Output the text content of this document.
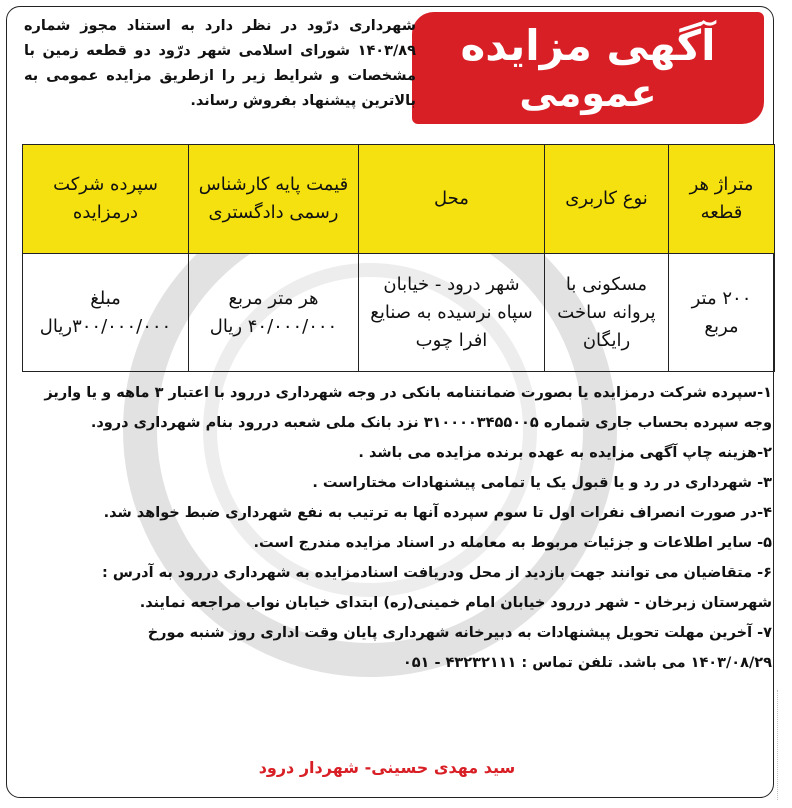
آگهی مزایده
عمومی
شهرداری درّود در نظر دارد به استناد مجوز شماره ۱۴۰۳/۸۹ شورای اسلامی شهر درّود دو قطعه زمین با مشخصات و شرایط زیر را ازطریق مزایده عمومی به بالاترین پیشنهاد بفروش رساند.
متراژ هر قطعه	نوع کاربری	محل	قیمت پایه کارشناس رسمی دادگستری	سپرده شرکت درمزایده
۲۰۰ متر مربع	مسکونی با پروانه ساخت رایگان	شهر درود - خیابان سپاه نرسیده به صنایع افرا چوب	هر متر مربع ۴۰/۰۰۰/۰۰۰ ریال	مبلغ ۳۰۰/۰۰۰/۰۰۰ریال

۱-سپرده شرکت درمزایده یا بصورت ضمانتنامه بانکی در وجه شهرداری دررود با اعتبار ۳ ماهه و یا واریز

وجه سپرده بحساب جاری شماره ۳۱۰۰۰۰۳۴۵۵۰۰۵ نزد بانک ملی شعبه دررود بنام شهرداری درود.

۲-هزینه چاپ آگهی مزایده به عهده برنده مزایده می باشد .

۳- شهرداری در رد و یا قبول یک یا تمامی پیشنهادات مختاراست .

۴-در صورت انصراف نفرات اول تا سوم سپرده آنها به ترتیب به نفع شهرداری ضبط خواهد شد.

۵- سایر اطلاعات و جزئیات مربوط به معامله در اسناد مزایده مندرج است.

۶- متقاضیان می توانند جهت بازدید از محل ودریافت اسنادمزایده به شهرداری دررود به آدرس :

شهرستان زبرخان - شهر دررود خیابان امام خمینی(ره) ابتدای خیابان نواب مراجعه نمایند.

۷- آخرین مهلت تحویل پیشنهادات به دبیرخانه شهرداری پایان وقت اداری روز شنبه مورخ

۱۴۰۳/۰۸/۲۹ می باشد. تلفن تماس : ۴۳۲۳۲۱۱۱ - ۰۵۱

سید مهدی حسینی- شهردار درود
